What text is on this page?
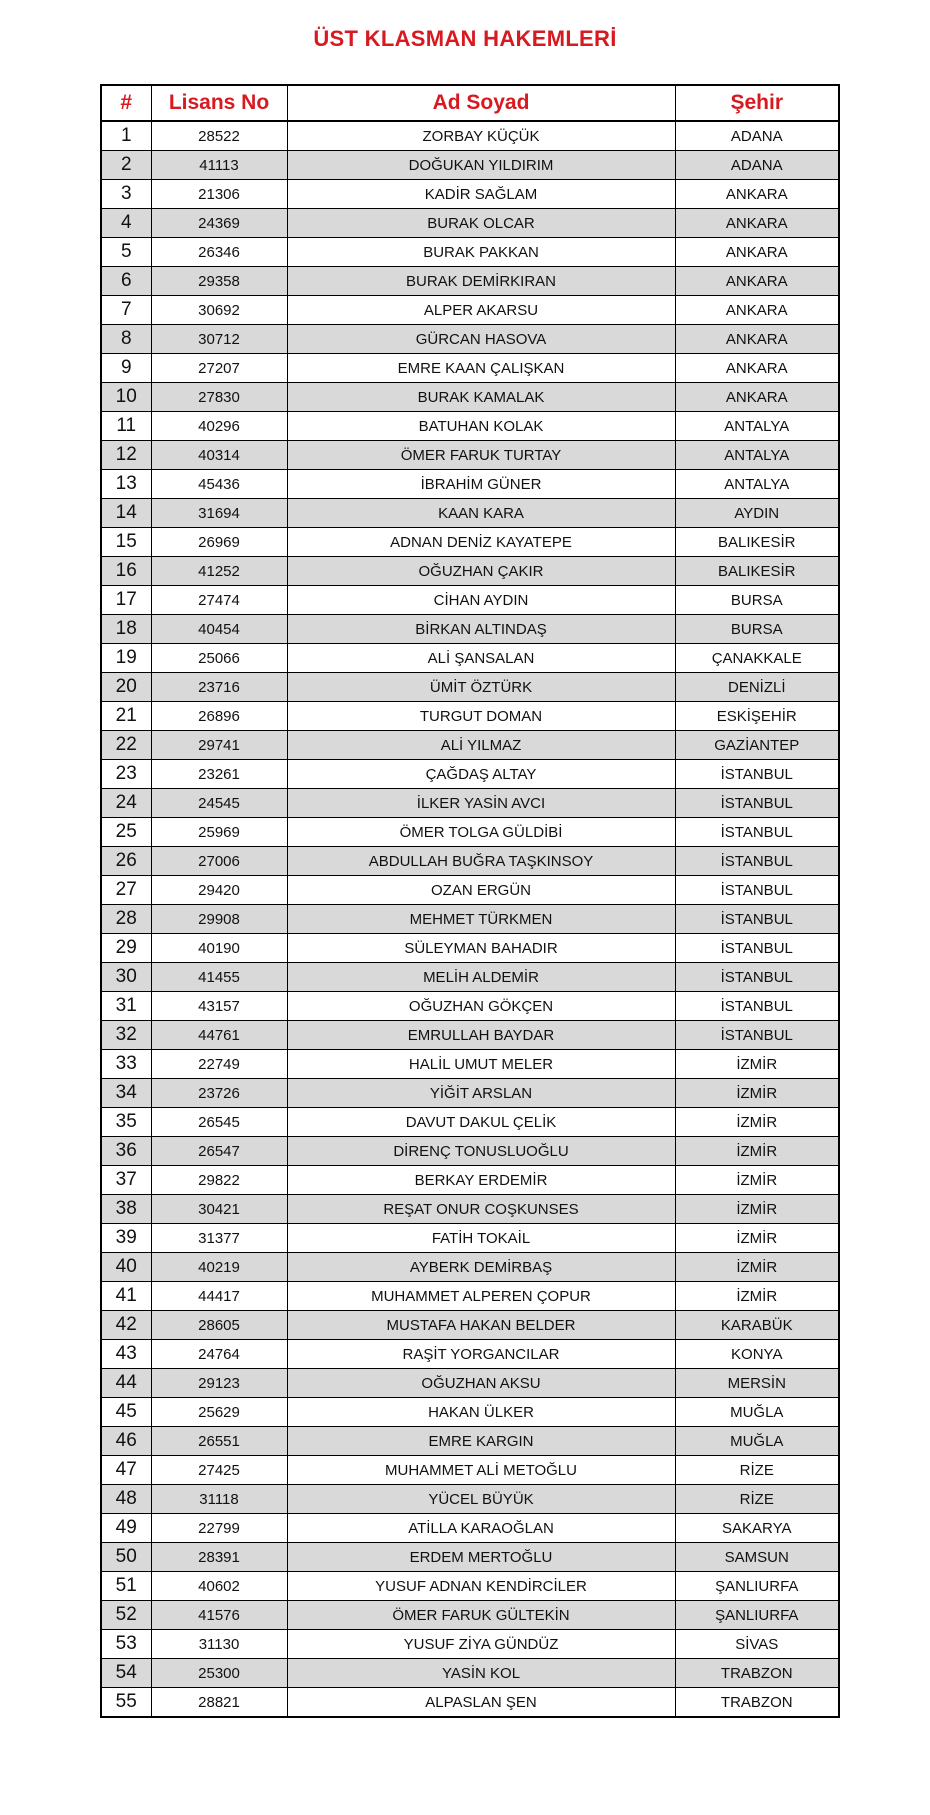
ÜST KLASMAN HAKEMLERİ
#	Lisans No	Ad Soyad	Şehir
1	28522	ZORBAY KÜÇÜK	ADANA
2	41113	DOĞUKAN YILDIRIM	ADANA
3	21306	KADİR SAĞLAM	ANKARA
4	24369	BURAK OLCAR	ANKARA
5	26346	BURAK PAKKAN	ANKARA
6	29358	BURAK DEMİRKIRAN	ANKARA
7	30692	ALPER AKARSU	ANKARA
8	30712	GÜRCAN HASOVA	ANKARA
9	27207	EMRE KAAN ÇALIŞKAN	ANKARA
10	27830	BURAK KAMALAK	ANKARA
11	40296	BATUHAN KOLAK	ANTALYA
12	40314	ÖMER FARUK TURTAY	ANTALYA
13	45436	İBRAHİM GÜNER	ANTALYA
14	31694	KAAN KARA	AYDIN
15	26969	ADNAN DENİZ KAYATEPE	BALIKESİR
16	41252	OĞUZHAN ÇAKIR	BALIKESİR
17	27474	CİHAN AYDIN	BURSA
18	40454	BİRKAN ALTINDAŞ	BURSA
19	25066	ALİ ŞANSALAN	ÇANAKKALE
20	23716	ÜMİT ÖZTÜRK	DENİZLİ
21	26896	TURGUT DOMAN	ESKİŞEHİR
22	29741	ALİ YILMAZ	GAZİANTEP
23	23261	ÇAĞDAŞ ALTAY	İSTANBUL
24	24545	İLKER YASİN AVCI	İSTANBUL
25	25969	ÖMER TOLGA GÜLDİBİ	İSTANBUL
26	27006	ABDULLAH BUĞRA TAŞKINSOY	İSTANBUL
27	29420	OZAN ERGÜN	İSTANBUL
28	29908	MEHMET TÜRKMEN	İSTANBUL
29	40190	SÜLEYMAN BAHADIR	İSTANBUL
30	41455	MELİH ALDEMİR	İSTANBUL
31	43157	OĞUZHAN GÖKÇEN	İSTANBUL
32	44761	EMRULLAH BAYDAR	İSTANBUL
33	22749	HALİL UMUT MELER	İZMİR
34	23726	YİĞİT ARSLAN	İZMİR
35	26545	DAVUT DAKUL ÇELİK	İZMİR
36	26547	DİRENÇ TONUSLUOĞLU	İZMİR
37	29822	BERKAY ERDEMİR	İZMİR
38	30421	REŞAT ONUR COŞKUNSES	İZMİR
39	31377	FATİH TOKAİL	İZMİR
40	40219	AYBERK DEMİRBAŞ	İZMİR
41	44417	MUHAMMET ALPEREN ÇOPUR	İZMİR
42	28605	MUSTAFA HAKAN BELDER	KARABÜK
43	24764	RAŞİT YORGANCILAR	KONYA
44	29123	OĞUZHAN AKSU	MERSİN
45	25629	HAKAN ÜLKER	MUĞLA
46	26551	EMRE KARGIN	MUĞLA
47	27425	MUHAMMET ALİ METOĞLU	RİZE
48	31118	YÜCEL BÜYÜK	RİZE
49	22799	ATİLLA KARAOĞLAN	SAKARYA
50	28391	ERDEM MERTOĞLU	SAMSUN
51	40602	YUSUF ADNAN KENDİRCİLER	ŞANLIURFA
52	41576	ÖMER FARUK GÜLTEKİN	ŞANLIURFA
53	31130	YUSUF ZİYA GÜNDÜZ	SİVAS
54	25300	YASİN KOL	TRABZON
55	28821	ALPASLAN ŞEN	TRABZON
